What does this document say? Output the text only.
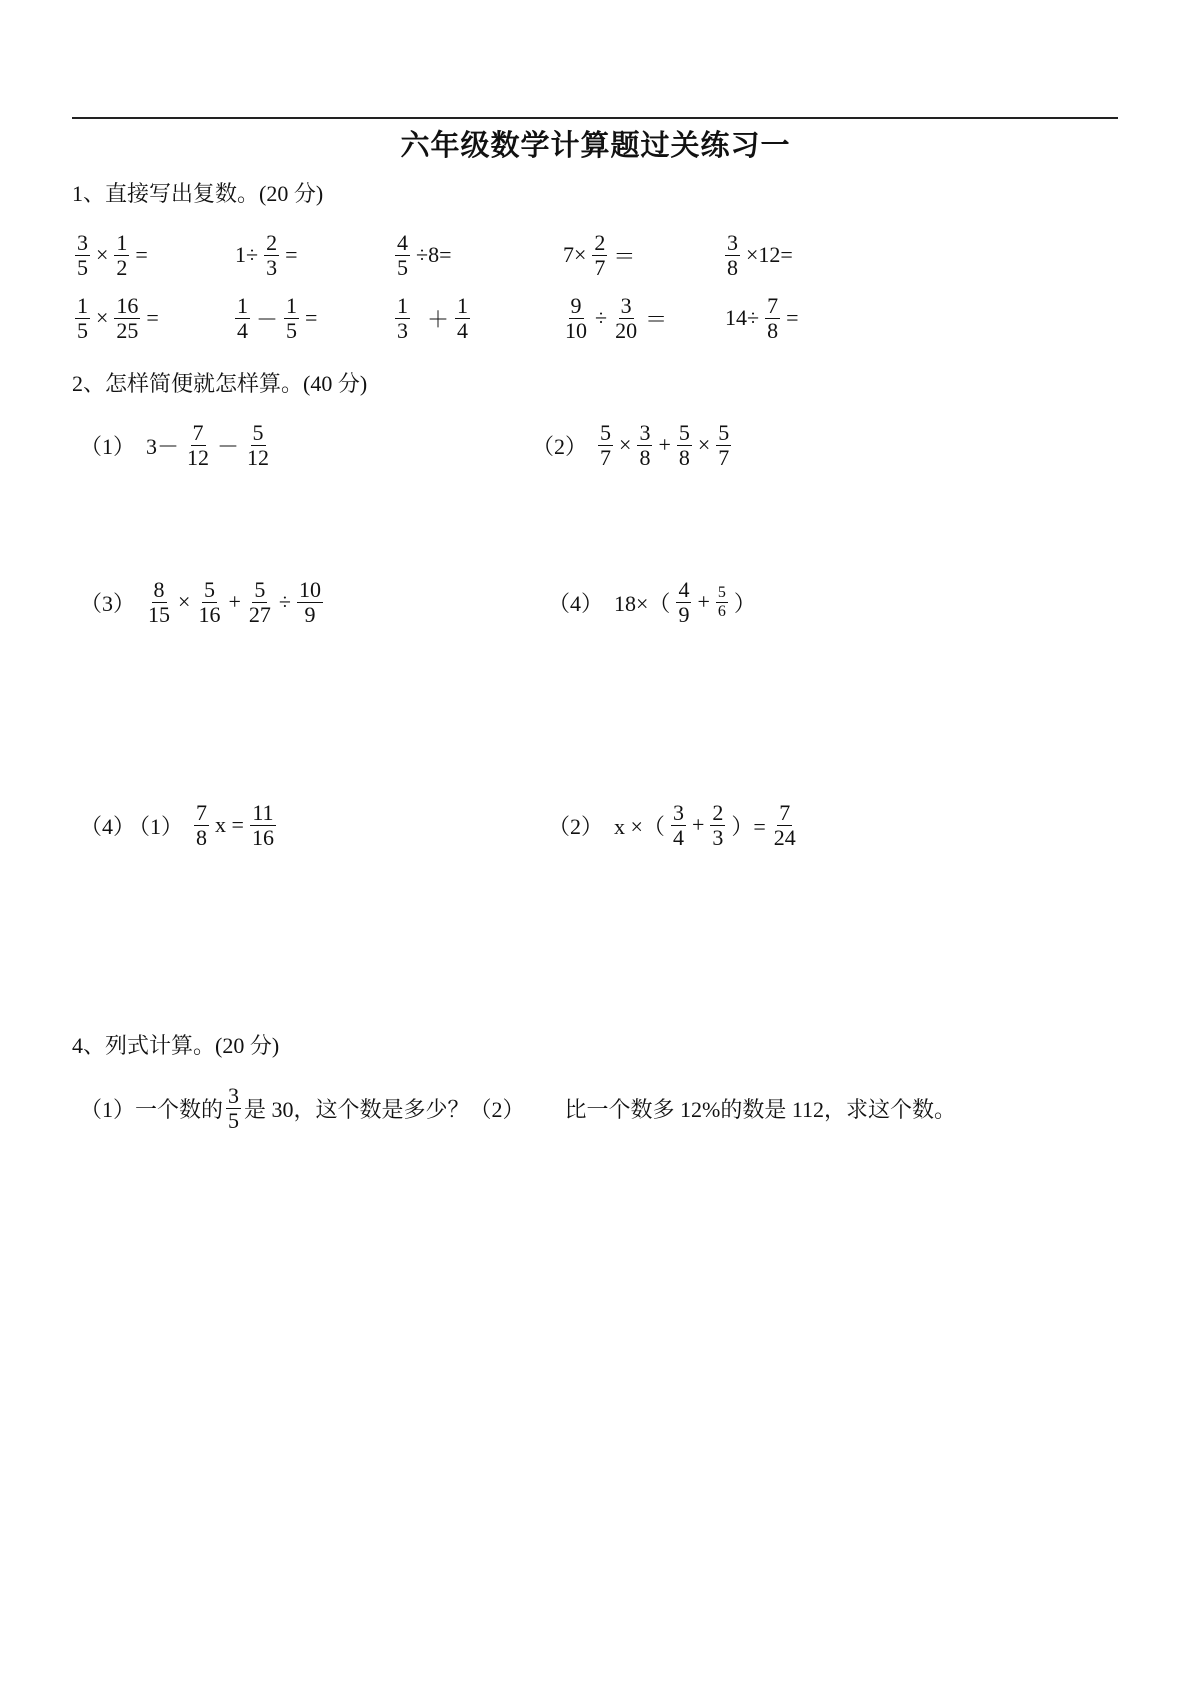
六年级数学计算题过关练习一
1、直接写出复数。(20 分)
$\frac{3}{5} \times \frac{1}{2}$ =	$1\div \frac{2}{3}$ =	$\frac{4}{5} \div 8=$	$7\times \frac{2}{7}$ ＝	$\frac{3}{8} \times 12=$
$\frac{1}{5} \times \frac{16}{25}$ =	$\frac{1}{4} - \frac{1}{5}$ =	$\frac{1}{3} + \frac{1}{4}$	$\frac{9}{10} \div \frac{3}{20}$ ＝	$14\div \frac{7}{8}$ =
2、怎样简便就怎样算。(40 分)
（1） $3- \frac{7}{12} - \frac{5}{12}$	$(2) \frac{5}{7} \times \frac{3}{8} + \frac{5}{8} \times \frac{5}{7}$
$(3) \frac{8}{15} \times \frac{5}{16} + \frac{5}{27} \div \frac{10}{9}$	（4） $18\times( \frac{4}{9} + \frac{5}{6}$ ）
（4）
$(1) \frac{7}{8}$ $x = \frac{11}{16}$	（2） x ×（ $\frac{3}{4} + \frac{2}{3}$ ）= $\frac{7}{24}$
4、列式计算。(20 分)
（1）一个数的 $\frac{3}{5}$ 是 30，这个数是多少？（2） 比一个数多 12%的数是 112，求这个数。
